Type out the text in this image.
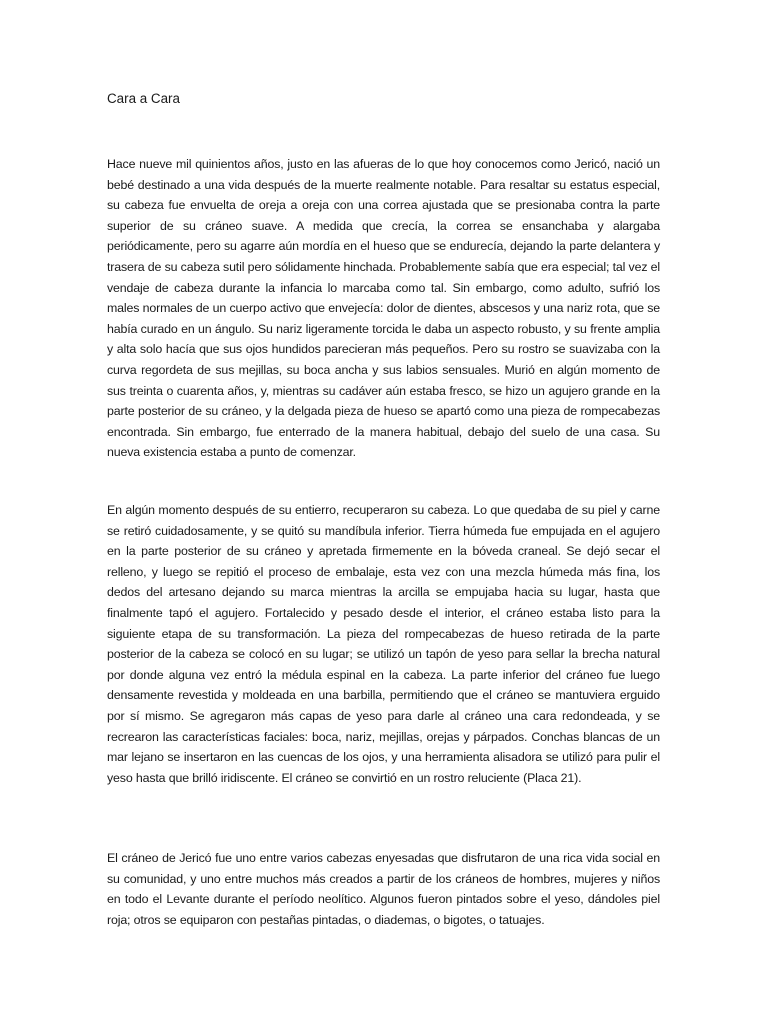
Cara a Cara

Hace nueve mil quinientos años, justo en las afueras de lo que hoy conocemos como Jericó, nació un bebé destinado a una vida después de la muerte realmente notable. Para resaltar su estatus especial, su cabeza fue envuelta de oreja a oreja con una correa ajustada que se presionaba contra la parte superior de su cráneo suave. A medida que crecía, la correa se ensanchaba y alargaba periódicamente, pero su agarre aún mordía en el hueso que se endurecía, dejando la parte delantera y trasera de su cabeza sutil pero sólidamente hinchada. Probablemente sabía que era especial; tal vez el vendaje de cabeza durante la infancia lo marcaba como tal. Sin embargo, como adulto, sufrió los males normales de un cuerpo activo que envejecía: dolor de dientes, abscesos y una nariz rota, que se había curado en un ángulo. Su nariz ligeramente torcida le daba un aspecto robusto, y su frente amplia y alta solo hacía que sus ojos hundidos parecieran más pequeños. Pero su rostro se suavizaba con la curva regordeta de sus mejillas, su boca ancha y sus labios sensuales. Murió en algún momento de sus treinta o cuarenta años, y, mientras su cadáver aún estaba fresco, se hizo un agujero grande en la parte posterior de su cráneo, y la delgada pieza de hueso se apartó como una pieza de rompecabezas encontrada. Sin embargo, fue enterrado de la manera habitual, debajo del suelo de una casa. Su nueva existencia estaba a punto de comenzar.

En algún momento después de su entierro, recuperaron su cabeza. Lo que quedaba de su piel y carne se retiró cuidadosamente, y se quitó su mandíbula inferior. Tierra húmeda fue empujada en el agujero en la parte posterior de su cráneo y apretada firmemente en la bóveda craneal. Se dejó secar el relleno, y luego se repitió el proceso de embalaje, esta vez con una mezcla húmeda más fina, los dedos del artesano dejando su marca mientras la arcilla se empujaba hacia su lugar, hasta que finalmente tapó el agujero. Fortalecido y pesado desde el interior, el cráneo estaba listo para la siguiente etapa de su transformación. La pieza del rompecabezas de hueso retirada de la parte posterior de la cabeza se colocó en su lugar; se utilizó un tapón de yeso para sellar la brecha natural por donde alguna vez entró la médula espinal en la cabeza. La parte inferior del cráneo fue luego densamente revestida y moldeada en una barbilla, permitiendo que el cráneo se mantuviera erguido por sí mismo. Se agregaron más capas de yeso para darle al cráneo una cara redondeada, y se recrearon las características faciales: boca, nariz, mejillas, orejas y párpados. Conchas blancas de un mar lejano se insertaron en las cuencas de los ojos, y una herramienta alisadora se utilizó para pulir el yeso hasta que brilló iridiscente. El cráneo se convirtió en un rostro reluciente (Placa 21).

El cráneo de Jericó fue uno entre varios cabezas enyesadas que disfrutaron de una rica vida social en su comunidad, y uno entre muchos más creados a partir de los cráneos de hombres, mujeres y niños en todo el Levante durante el período neolítico. Algunos fueron pintados sobre el yeso, dándoles piel roja; otros se equiparon con pestañas pintadas, o diademas, o bigotes, o tatuajes.
